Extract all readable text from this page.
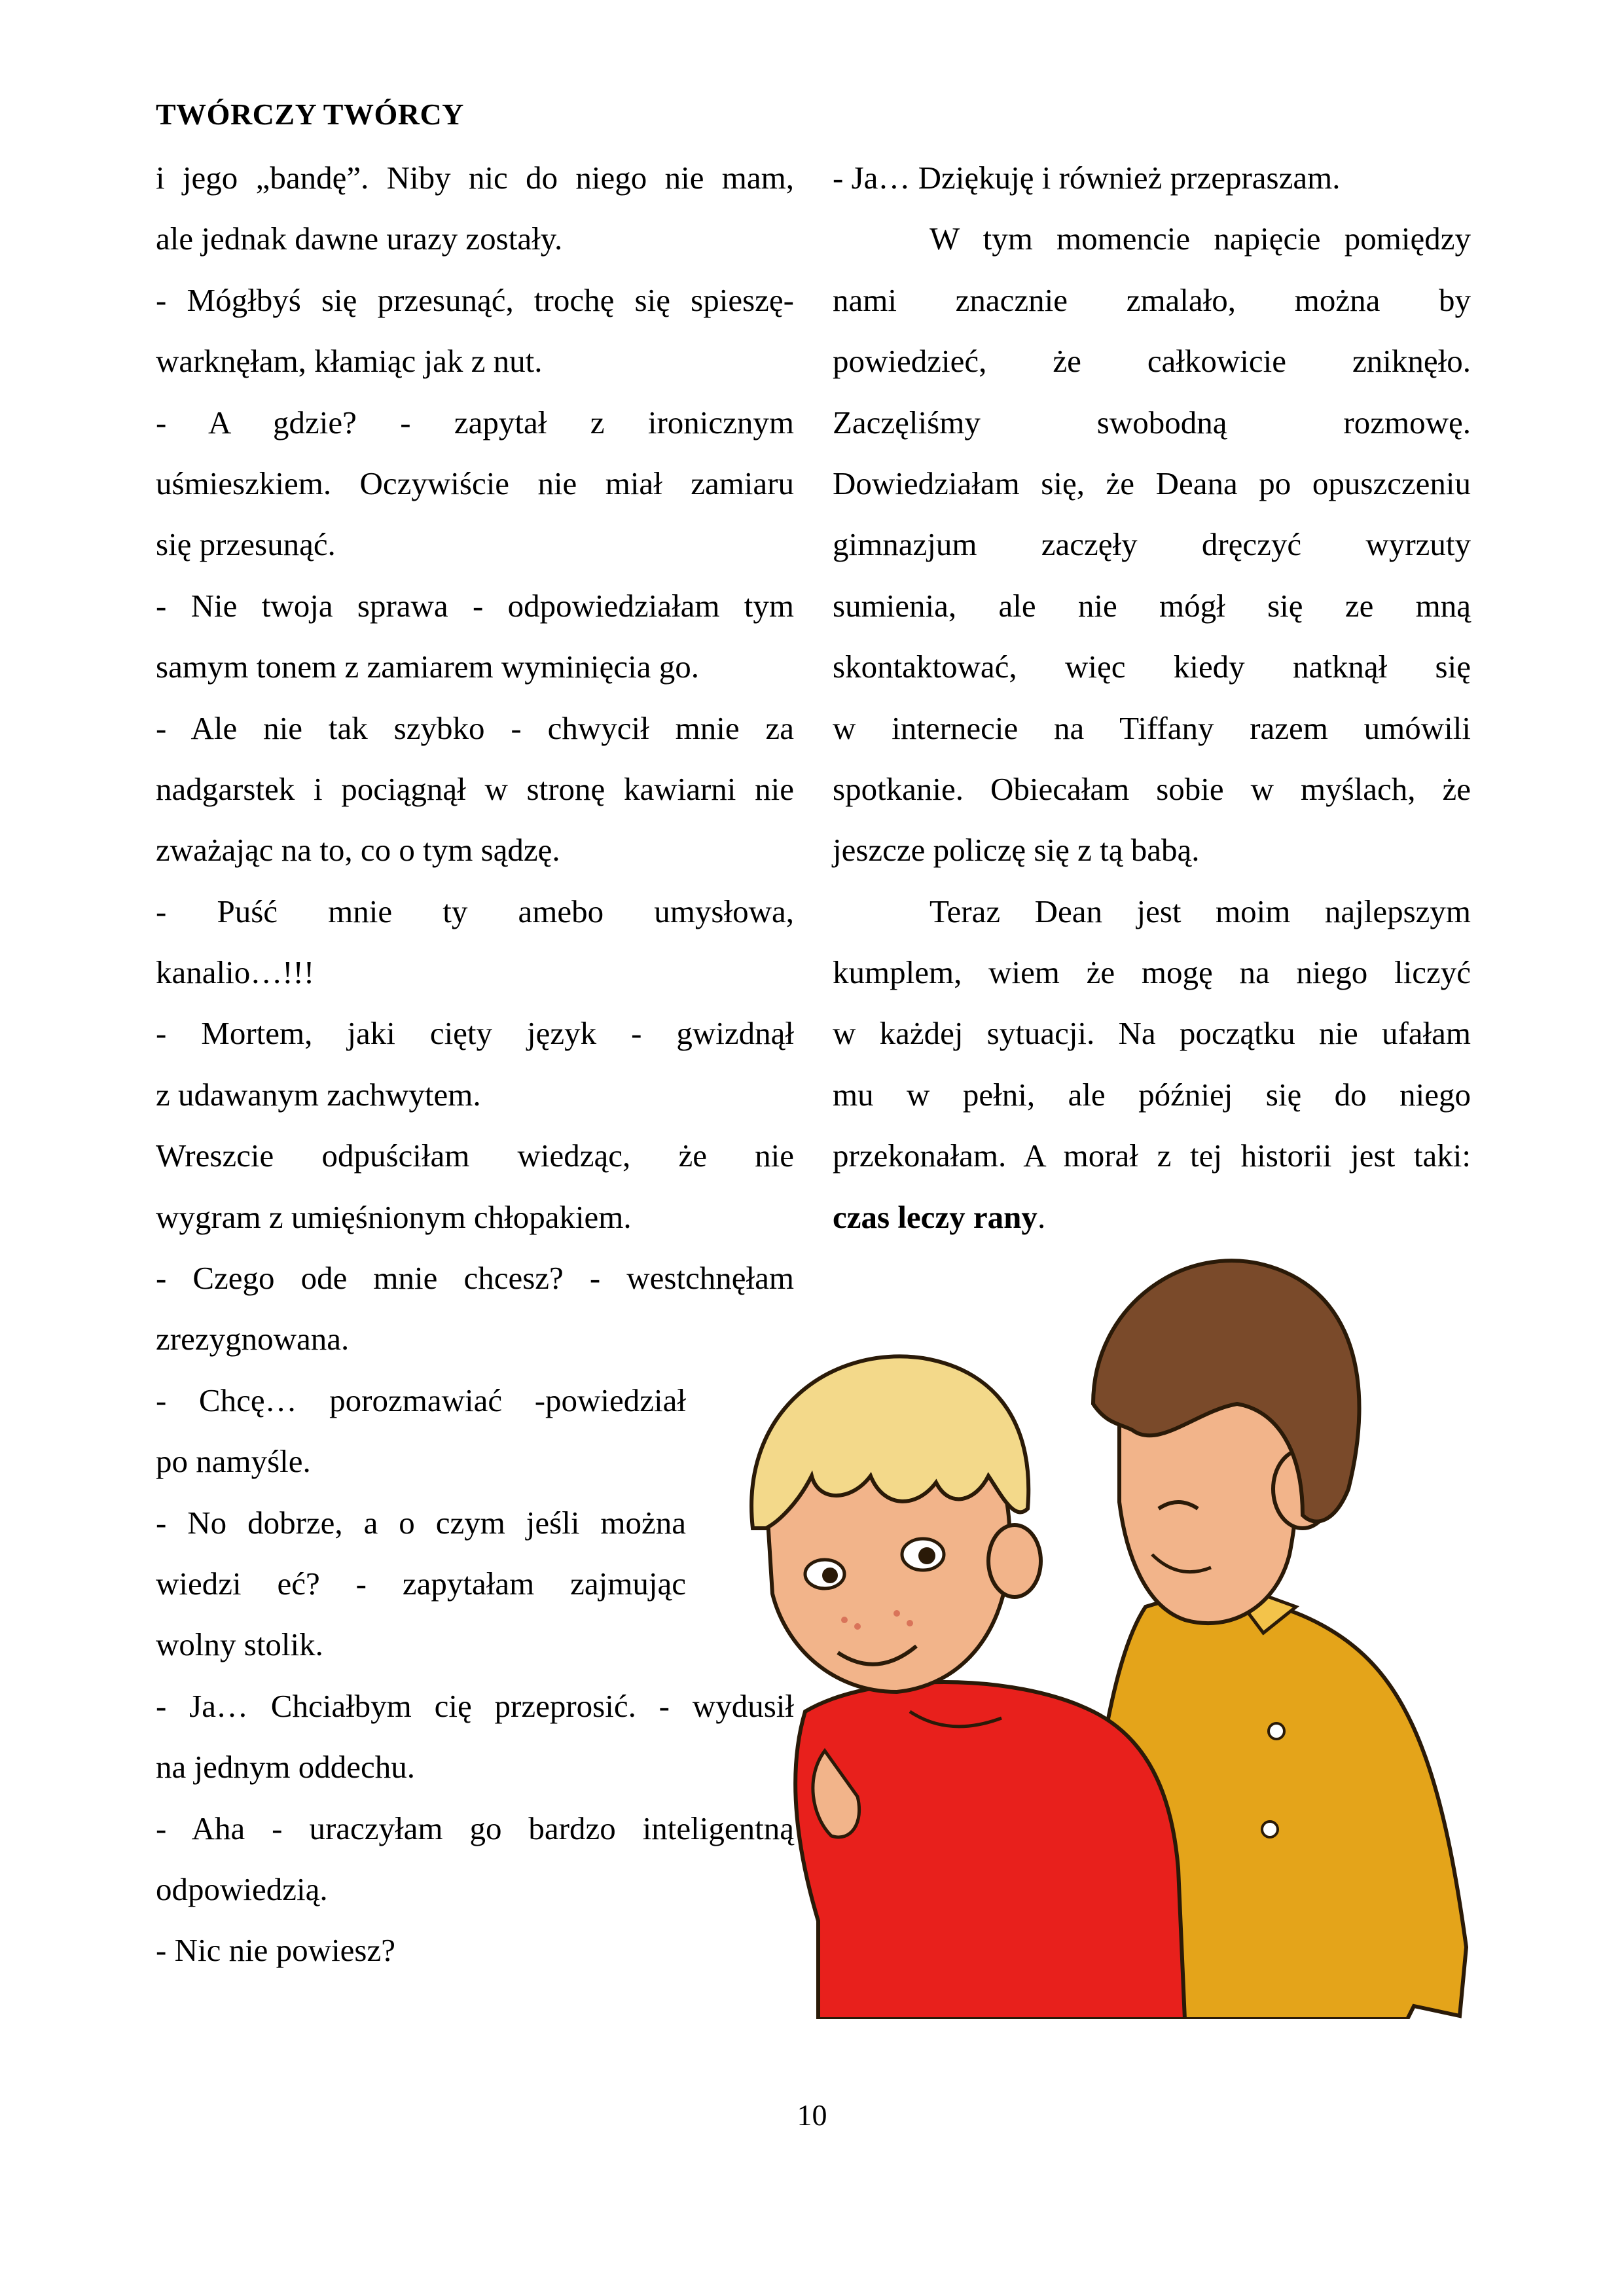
TWÓRCZY TWÓRCY
i jego „bandę”. Niby nic do niego nie mam,
ale jednak dawne urazy zostały.
- Mógłbyś się przesunąć, trochę się spieszę-
warknęłam, kłamiąc jak z nut.
- A gdzie? - zapytał z ironicznym
uśmieszkiem. Oczywiście nie miał zamiaru
się przesunąć.
- Nie twoja sprawa - odpowiedziałam tym
samym tonem z zamiarem wyminięcia go.
- Ale nie tak szybko - chwycił mnie za
nadgarstek i pociągnął w stronę kawiarni nie
zważając na to, co o tym sądzę.
- Puść mnie ty amebo umysłowa,
kanalio…!!!
- Mortem, jaki cięty język - gwizdnął
z udawanym zachwytem.
Wreszcie odpuściłam wiedząc, że nie
wygram z umięśnionym chłopakiem.
- Czego ode mnie chcesz? - westchnęłam
zrezygnowana.
- Chcę… porozmawiać -powiedział
po namyśle.
- No dobrze, a o czym jeśli można
wiedzi eć? - zapytałam zajmując
wolny stolik.
- Ja… Chciałbym cię przeprosić. - wydusił
na jednym oddechu.
- Aha - uraczyłam go bardzo inteligentną
odpowiedzią.
- Nic nie powiesz?
- Ja… Dziękuję i również przepraszam.
W tym momencie napięcie pomiędzy
nami znacznie zmalało, można by
powiedzieć, że całkowicie zniknęło.
Zaczęliśmy swobodną rozmowę.
Dowiedziałam się, że Deana po opuszczeniu
gimnazjum zaczęły dręczyć wyrzuty
sumienia, ale nie mógł się ze mną
skontaktować, więc kiedy natknął się
w internecie na Tiffany razem umówili
spotkanie. Obiecałam sobie w myślach, że
jeszcze policzę się z tą babą.
Teraz Dean jest moim najlepszym
kumplem, wiem że mogę na niego liczyć
w każdej sytuacji. Na początku nie ufałam
mu w pełni, ale później się do niego
przekonałam. A morał z tej historii jest taki:
czas leczy rany.
10
